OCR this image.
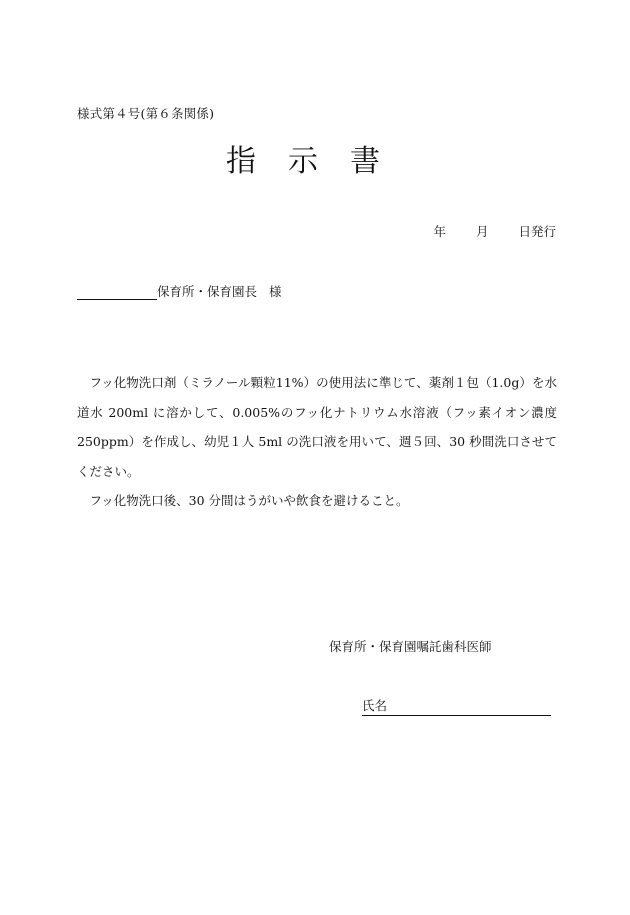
様式第４号(第６条関係)
指示書
年 月 日発行
保育所・保育園長 様

フッ化物洗口剤（ミラノール顆粒11%）の使用法に準じて、薬剤１包（1.0g）を水道水 200ml に溶かして、0.005%のフッ化ナトリウム水溶液（フッ素イオン濃度 250ppm）を作成し、幼児１人 5ml の洗口液を用いて、週５回、30 秒間洗口させてください。

フッ化物洗口後、30 分間はうがいや飲食を避けること。

保育所・保育園嘱託歯科医師
氏名
